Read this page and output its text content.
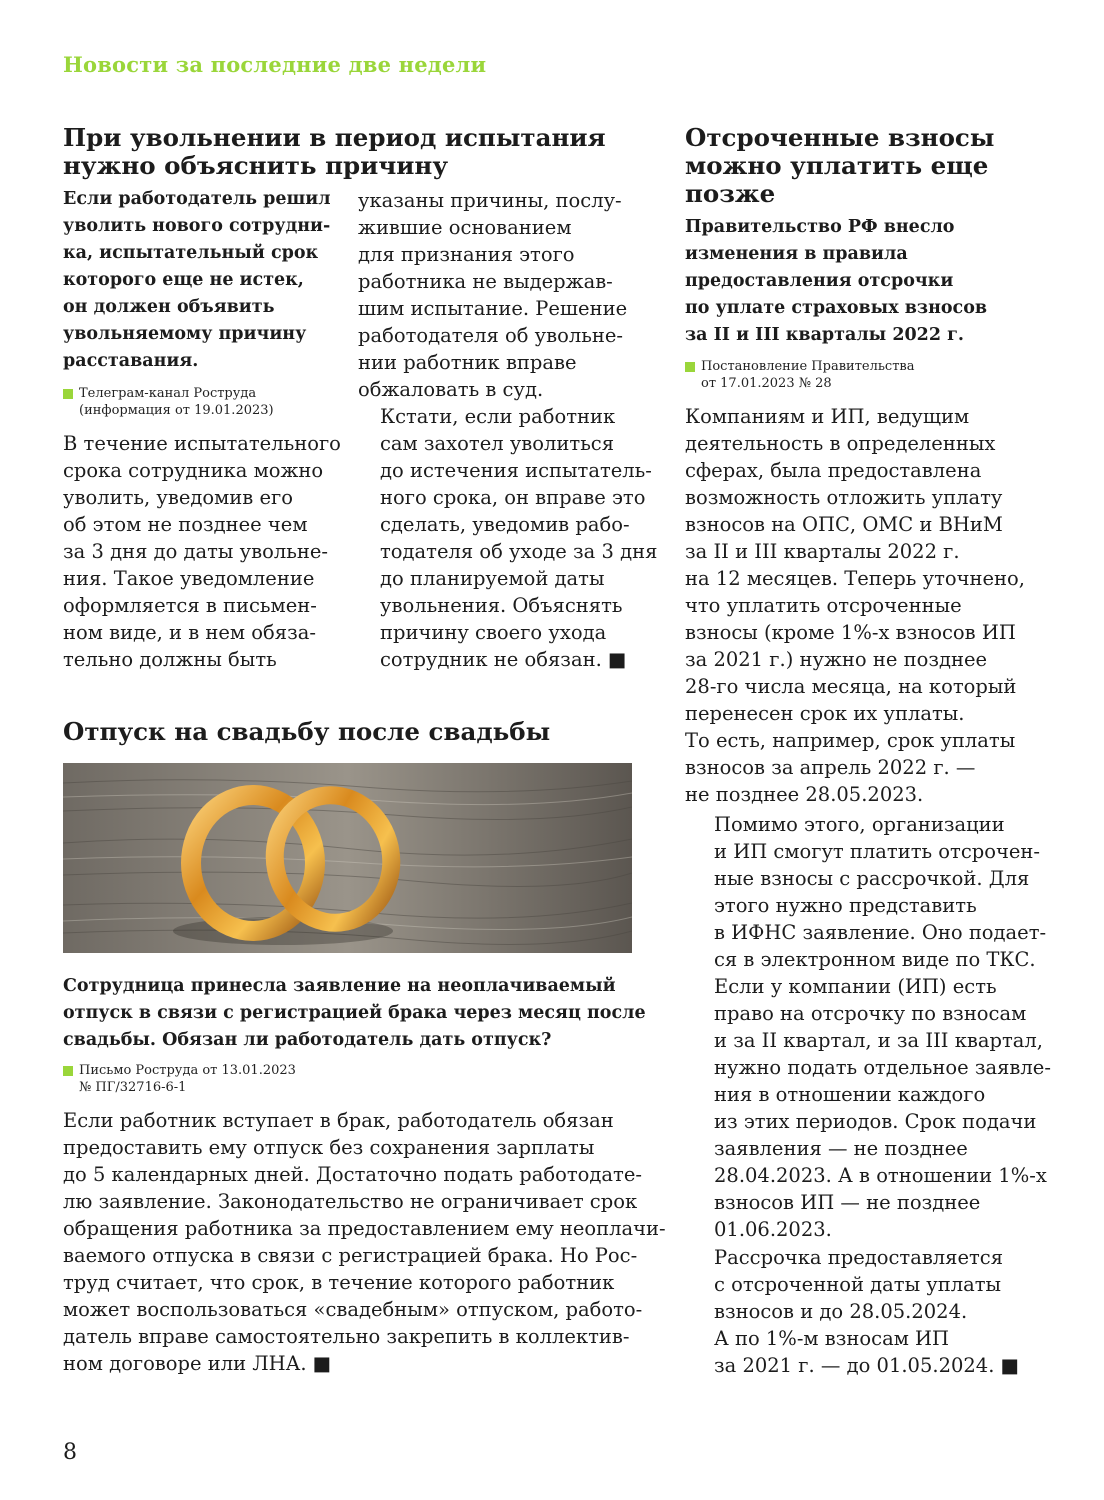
Новости за последние две недели
При увольнении в период испытания
нужно объяснить причину
Если работодатель решил
уволить нового сотрудни-
ка, испытательный срок
которого еще не истек,
он должен объявить
увольняемому причину
расставания.
Телеграм-канал Роструда
(информация от 19.01.2023)
В течение испытательного
срока сотрудника можно
уволить, уведомив его
об этом не позднее чем
за 3 дня до даты увольне-
ния. Такое уведомление
оформляется в письмен-
ном виде, и в нем обяза-
тельно должны быть
указаны причины, послу-
жившие основанием
для признания этого
работника не выдержав-
шим испытание. Решение
работодателя об увольне-
нии работник вправе
обжаловать в суд.
Кстати, если работник
сам захотел уволиться
до истечения испытатель-
ного срока, он вправе это
сделать, уведомив рабо-
тодателя об уходе за 3 дня
до планируемой даты
увольнения. Объяснять
причину своего ухода
сотрудник не обязан. ■
Отпуск на свадьбу после свадьбы
Сотрудница принесла заявление на неоплачиваемый
отпуск в связи с регистрацией брака через месяц после
свадьбы. Обязан ли работодатель дать отпуск?
Письмо Роструда от 13.01.2023
№ ПГ/32716-6-1
Если работник вступает в брак, работодатель обязан
предоставить ему отпуск без сохранения зарплаты
до 5 календарных дней. Достаточно подать работодате-
лю заявление. Законодательство не ограничивает срок
обращения работника за предоставлением ему неоплачи-
ваемого отпуска в связи с регистрацией брака. Но Рос-
труд считает, что срок, в течение которого работник
может воспользоваться «свадебным» отпуском, работо-
датель вправе самостоятельно закрепить в коллектив-
ном договоре или ЛНА. ■
Отсроченные взносы
можно уплатить еще
позже
Правительство РФ внесло
изменения в правила
предоставления отсрочки
по уплате страховых взносов
за II и III кварталы 2022 г.
Постановление Правительства
от 17.01.2023 № 28
Компаниям и ИП, ведущим
деятельность в определенных
сферах, была предоставлена
возможность отложить уплату
взносов на ОПС, ОМС и ВНиМ
за II и III кварталы 2022 г.
на 12 месяцев. Теперь уточнено,
что уплатить отсроченные
взносы (кроме 1%-х взносов ИП
за 2021 г.) нужно не позднее
28-го числа месяца, на который
перенесен срок их уплаты.
То есть, например, срок уплаты
взносов за апрель 2022 г. —
не позднее 28.05.2023.
Помимо этого, организации
и ИП смогут платить отсрочен-
ные взносы с рассрочкой. Для
этого нужно представить
в ИФНС заявление. Оно подает-
ся в электронном виде по ТКС.
Если у компании (ИП) есть
право на отсрочку по взносам
и за II квартал, и за III квартал,
нужно подать отдельное заявле-
ния в отношении каждого
из этих периодов. Срок подачи
заявления — не позднее
28.04.2023. А в отношении 1%-х
взносов ИП — не позднее
01.06.2023.
Рассрочка предоставляется
с отсроченной даты уплаты
взносов и до 28.05.2024.
А по 1%-м взносам ИП
за 2021 г. — до 01.05.2024. ■
8
